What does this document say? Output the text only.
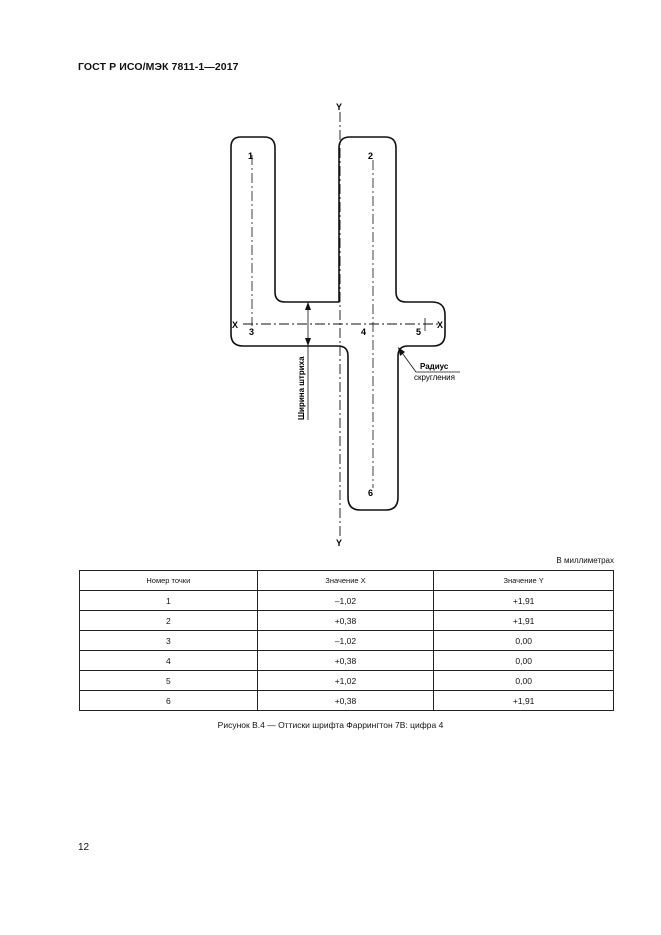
ГОСТ Р ИСО/МЭК 7811-1—2017
Y
Y
X	X
1	2
3	4	5
6
Ширина штриха	Радиус
скругления
В миллиметрах
Номер точки	Значение X	Значение Y
1	–1,02	+1,91
2	+0,38	+1,91
3	–1,02	0,00
4	+0,38	0,00
5	+1,02	0,00
6	+0,38	+1,91
Рисунок B.4 — Оттиски шрифта Фаррингтон 7B: цифра 4
12
